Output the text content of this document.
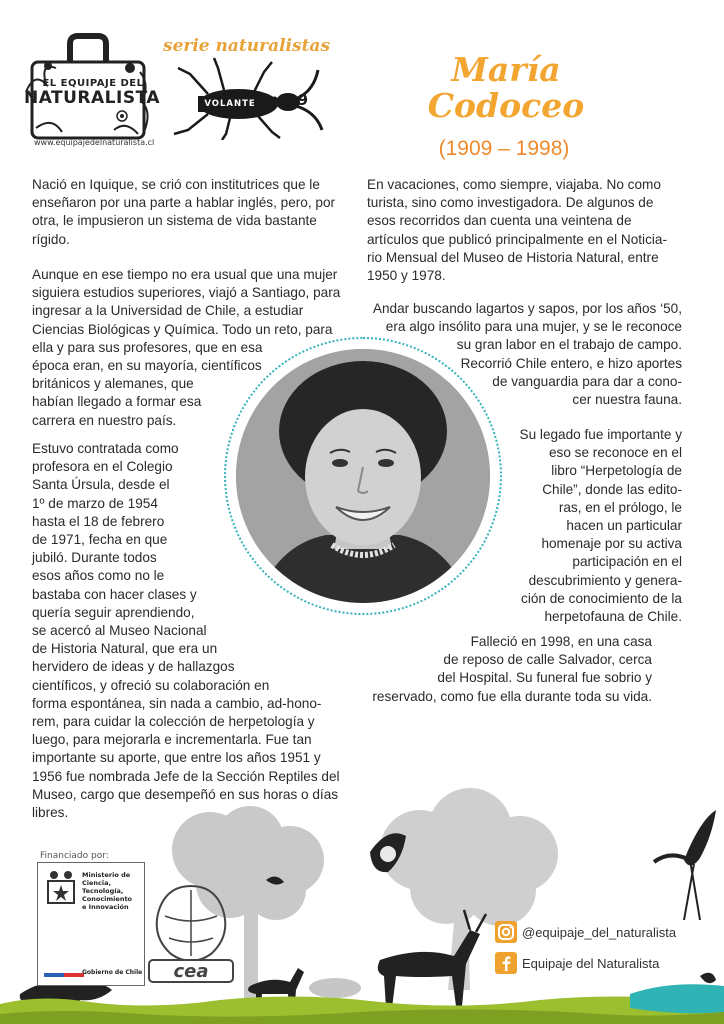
EL EQUIPAJE DEL
NATURALISTA
www.equipajedelnaturalista.cl
serie naturalistas
VOLANTE nº19
María
Codoceo
(1909 – 1998)
Nació en Iquique, se crió con institutrices que le
enseñaron por una parte a hablar inglés, pero, por
otra, le impusieron un sistema de vida bastante
rígido.
Aunque en ese tiempo no era usual que una mujer
siguiera estudios superiores, viajó a Santiago, para
ingresar a la Universidad de Chile, a estudiar
Ciencias Biológicas y Química. Todo un reto, para
ella y para sus profesores, que en esa
época eran, en su mayoría, científicos
británicos y alemanes, que
habían llegado a formar esa
carrera en nuestro país.
Estuvo contratada como
profesora en el Colegio
Santa Úrsula, desde el
1º de marzo de 1954
hasta el 18 de febrero
de 1971, fecha en que
jubiló. Durante todos
esos años como no le
bastaba con hacer clases y
quería seguir aprendiendo,
se acercó al Museo Nacional
de Historia Natural, que era un
hervidero de ideas y de hallazgos
científicos, y ofreció su colaboración en
forma espontánea, sin nada a cambio, ad-hono-
rem, para cuidar la colección de herpetología y
luego, para mejorarla e incrementarla. Fue tan
importante su aporte, que entre los años 1951 y
1956 fue nombrada Jefe de la Sección Reptiles del
Museo, cargo que desempeñó en sus horas o días
libres.
En vacaciones, como siempre, viajaba. No como
turista, sino como investigadora. De algunos de
esos recorridos dan cuenta una veintena de
artículos que publicó principalmente en el Noticia-
rio Mensual del Museo de Historia Natural, entre
1950 y 1978.
Andar buscando lagartos y sapos, por los años ‘50,
era algo insólito para una mujer, y se le reconoce
su gran labor en el trabajo de campo.
Recorrió Chile entero, e hizo aportes
de vanguardia para dar a cono-
cer nuestra fauna.
Su legado fue importante y
eso se reconoce en el
libro “Herpetología de
Chile”, donde las edito-
ras, en el prólogo, le
hacen un particular
homenaje por su activa
participación en el
descubrimiento y genera-
ción de conocimiento de la
herpetofauna de Chile.
Falleció en 1998, en una casa
de reposo de calle Salvador, cerca
del Hospital. Su funeral fue sobrio y
reservado, como fue ella durante toda su vida.
Financiado por:
Ministerio de
Ciencia,
Tecnología,
Conocimiento
e Innovación
Gobierno de Chile cea
@equipaje_del_naturalista
Equipaje del Naturalista
